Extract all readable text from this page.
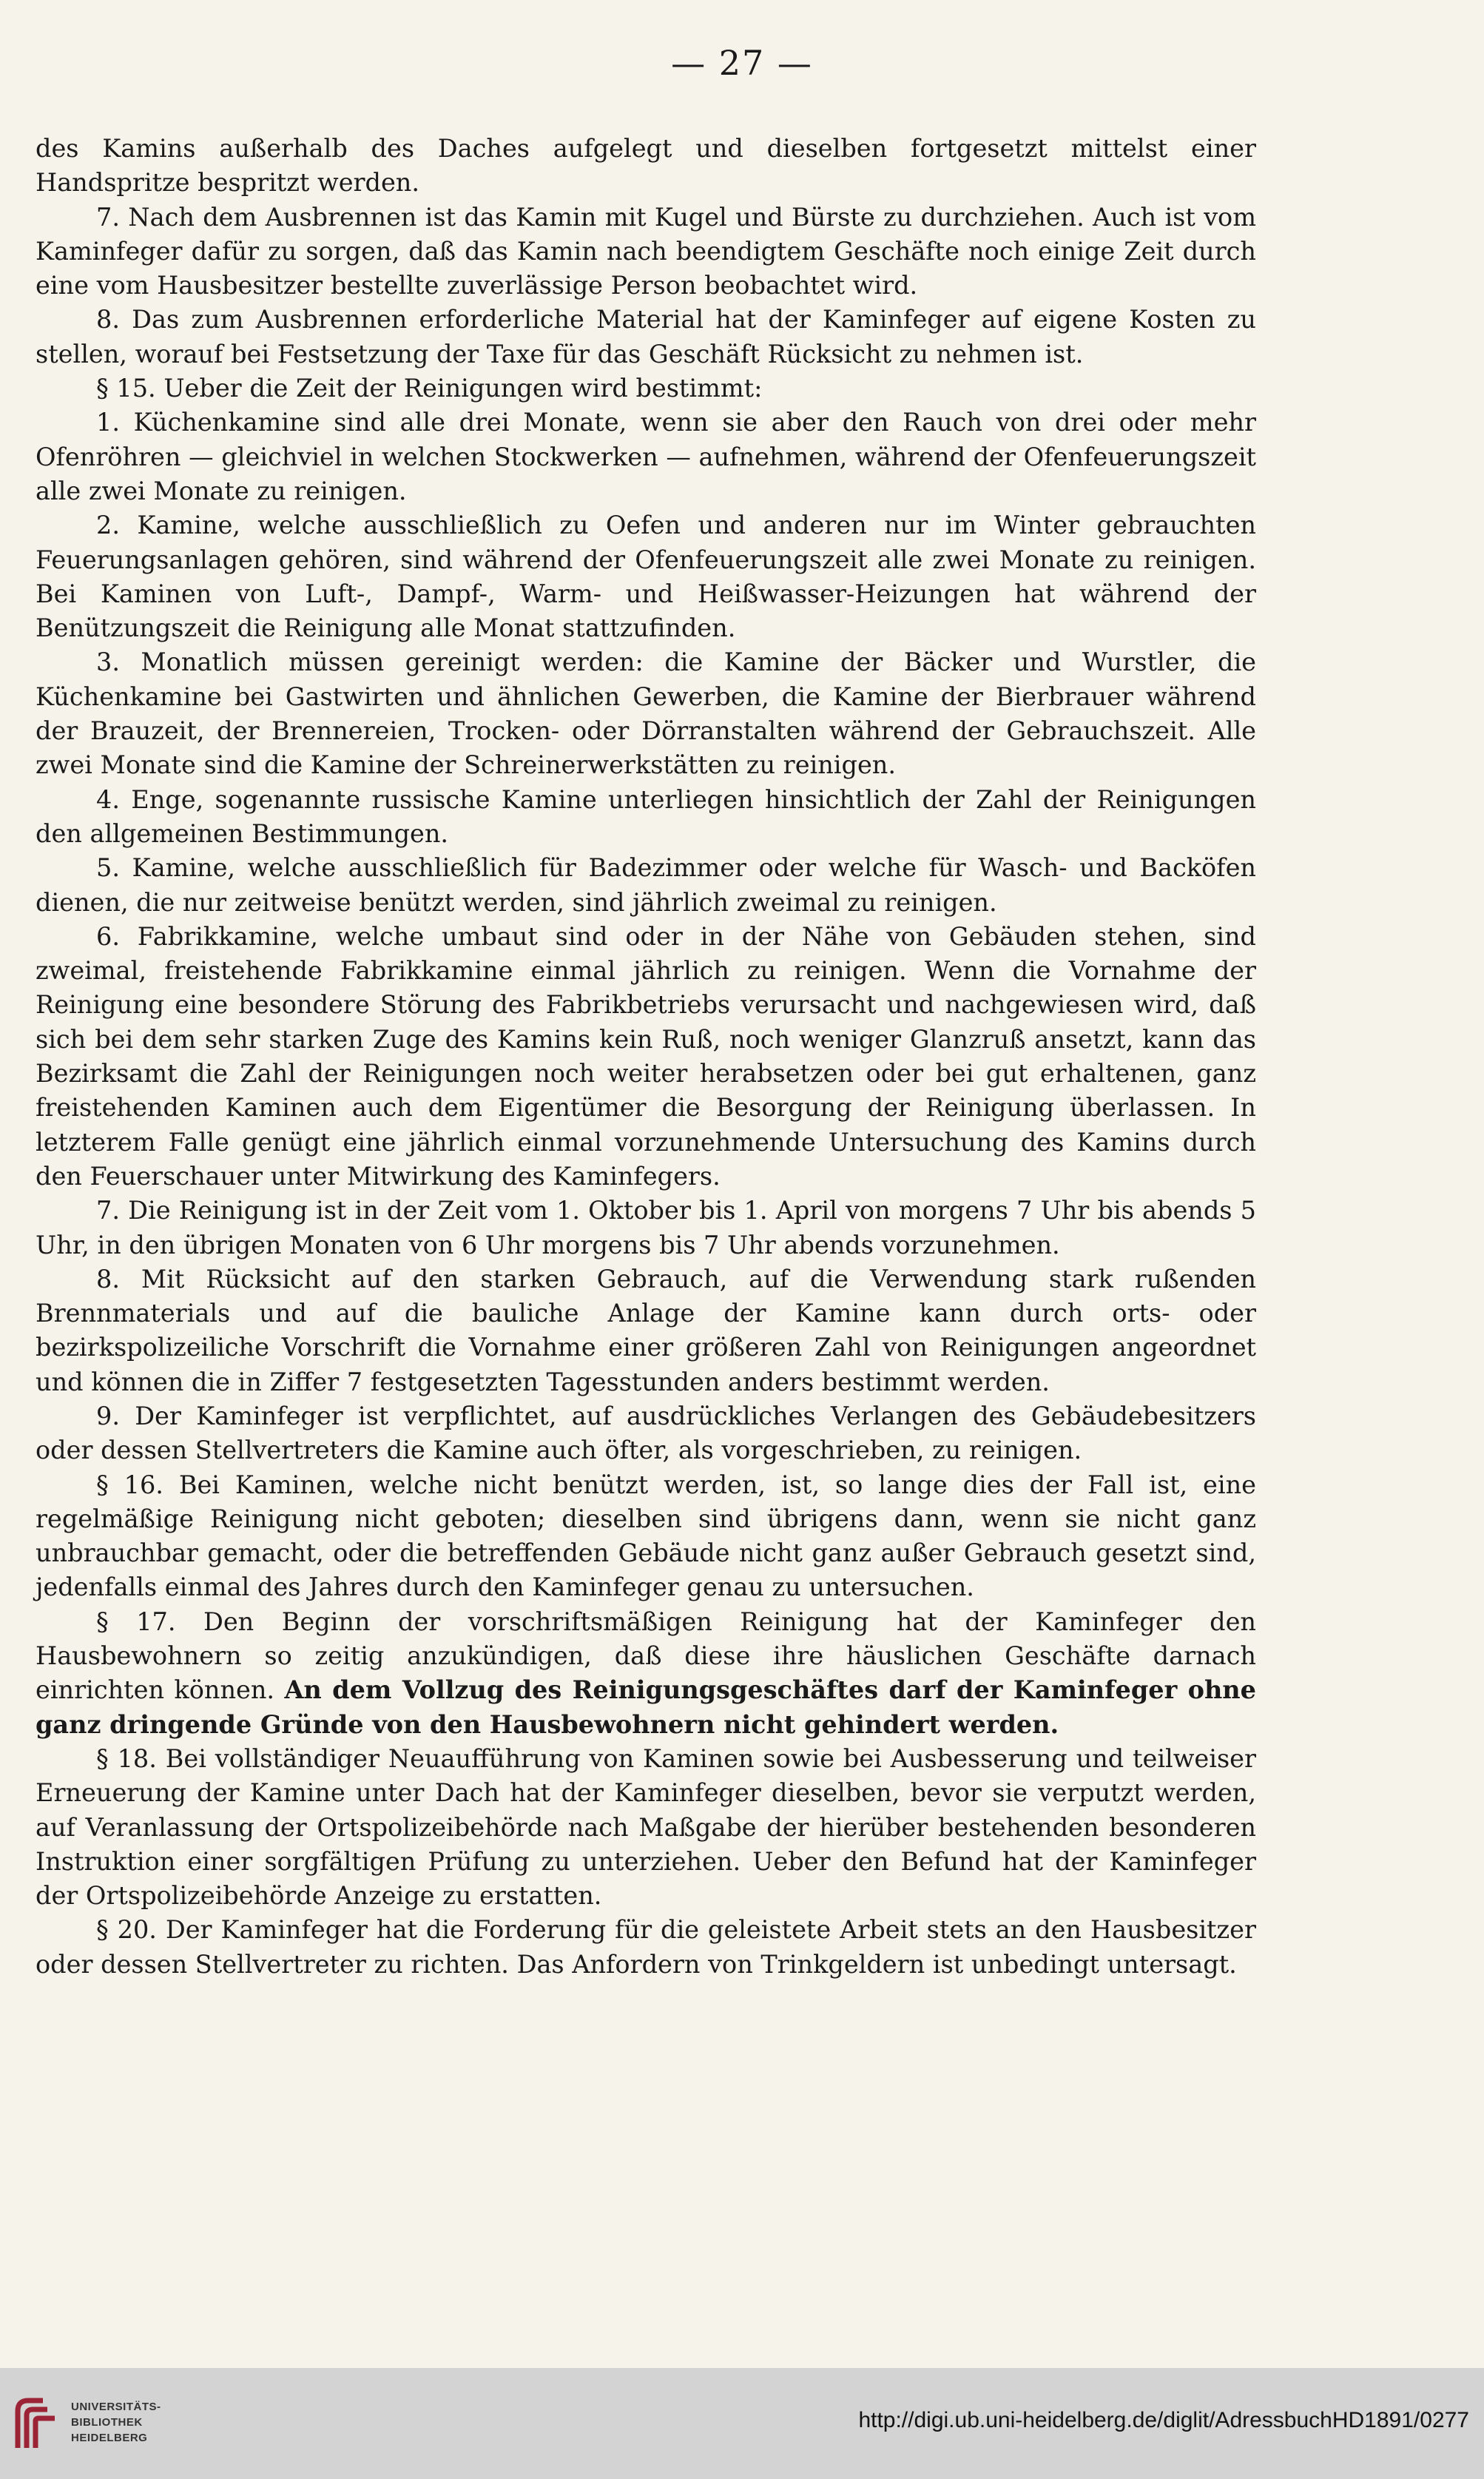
— 27 —

des Kamins außerhalb des Daches aufgelegt und dieselben fortgesetzt mittelst einer Handspritze bespritzt werden.

7. Nach dem Ausbrennen ist das Kamin mit Kugel und Bürste zu durchziehen. Auch ist vom Kaminfeger dafür zu sorgen, daß das Kamin nach beendigtem Geschäfte noch einige Zeit durch eine vom Hausbesitzer bestellte zuverlässige Person beobachtet wird.

8. Das zum Ausbrennen erforderliche Material hat der Kaminfeger auf eigene Kosten zu stellen, worauf bei Festsetzung der Taxe für das Geschäft Rücksicht zu nehmen ist.

§ 15. Ueber die Zeit der Reinigungen wird bestimmt:

1. Küchenkamine sind alle drei Monate, wenn sie aber den Rauch von drei oder mehr Ofenröhren — gleichviel in welchen Stockwerken — aufnehmen, während der Ofenfeuerungszeit alle zwei Monate zu reinigen.

2. Kamine, welche ausschließlich zu Oefen und anderen nur im Winter gebrauchten Feuerungsanlagen gehören, sind während der Ofenfeuerungszeit alle zwei Monate zu reinigen. Bei Kaminen von Luft-, Dampf-, Warm- und Heißwasser-Heizungen hat während der Benützungszeit die Reinigung alle Monat stattzufinden.

3. Monatlich müssen gereinigt werden: die Kamine der Bäcker und Wurstler, die Küchenkamine bei Gastwirten und ähnlichen Gewerben, die Kamine der Bierbrauer während der Brauzeit, der Brennereien, Trocken- oder Dörranstalten während der Gebrauchszeit. Alle zwei Monate sind die Kamine der Schreinerwerkstätten zu reinigen.

4. Enge, sogenannte russische Kamine unterliegen hinsichtlich der Zahl der Reinigungen den allgemeinen Bestimmungen.

5. Kamine, welche ausschließlich für Badezimmer oder welche für Wasch- und Backöfen dienen, die nur zeitweise benützt werden, sind jährlich zweimal zu reinigen.

6. Fabrikkamine, welche umbaut sind oder in der Nähe von Gebäuden stehen, sind zweimal, freistehende Fabrikkamine einmal jährlich zu reinigen. Wenn die Vornahme der Reinigung eine besondere Störung des Fabrikbetriebs verursacht und nachgewiesen wird, daß sich bei dem sehr starken Zuge des Kamins kein Ruß, noch weniger Glanzruß ansetzt, kann das Bezirksamt die Zahl der Reinigungen noch weiter herabsetzen oder bei gut erhaltenen, ganz freistehenden Kaminen auch dem Eigentümer die Besorgung der Reinigung überlassen. In letzterem Falle genügt eine jährlich einmal vorzunehmende Untersuchung des Kamins durch den Feuerschauer unter Mitwirkung des Kaminfegers.

7. Die Reinigung ist in der Zeit vom 1. Oktober bis 1. April von morgens 7 Uhr bis abends 5 Uhr, in den übrigen Monaten von 6 Uhr morgens bis 7 Uhr abends vorzunehmen.

8. Mit Rücksicht auf den starken Gebrauch, auf die Verwendung stark rußenden Brennmaterials und auf die bauliche Anlage der Kamine kann durch orts- oder bezirkspolizeiliche Vorschrift die Vornahme einer größeren Zahl von Reinigungen angeordnet und können die in Ziffer 7 festgesetzten Tagesstunden anders bestimmt werden.

9. Der Kaminfeger ist verpflichtet, auf ausdrückliches Verlangen des Gebäudebesitzers oder dessen Stellvertreters die Kamine auch öfter, als vorgeschrieben, zu reinigen.

§ 16. Bei Kaminen, welche nicht benützt werden, ist, so lange dies der Fall ist, eine regelmäßige Reinigung nicht geboten; dieselben sind übrigens dann, wenn sie nicht ganz unbrauchbar gemacht, oder die betreffenden Gebäude nicht ganz außer Gebrauch gesetzt sind, jedenfalls einmal des Jahres durch den Kaminfeger genau zu untersuchen.

§ 17. Den Beginn der vorschriftsmäßigen Reinigung hat der Kaminfeger den Hausbewohnern so zeitig anzukündigen, daß diese ihre häuslichen Geschäfte darnach einrichten können. An dem Vollzug des Reinigungsgeschäftes darf der Kaminfeger ohne ganz dringende Gründe von den Hausbewohnern nicht gehindert werden.

§ 18. Bei vollständiger Neuaufführung von Kaminen sowie bei Ausbesserung und teilweiser Erneuerung der Kamine unter Dach hat der Kaminfeger dieselben, bevor sie verputzt werden, auf Veranlassung der Ortspolizeibehörde nach Maßgabe der hierüber bestehenden besonderen Instruktion einer sorgfältigen Prüfung zu unterziehen. Ueber den Befund hat der Kaminfeger der Ortspolizeibehörde Anzeige zu erstatten.

§ 20. Der Kaminfeger hat die Forderung für die geleistete Arbeit stets an den Hausbesitzer oder dessen Stellvertreter zu richten. Das Anfordern von Trinkgeldern ist unbedingt untersagt.

UNIVERSITÄTS-
BIBLIOTHEK
HEIDELBERG
http://digi.ub.uni-heidelberg.de/diglit/AdressbuchHD1891/0277
